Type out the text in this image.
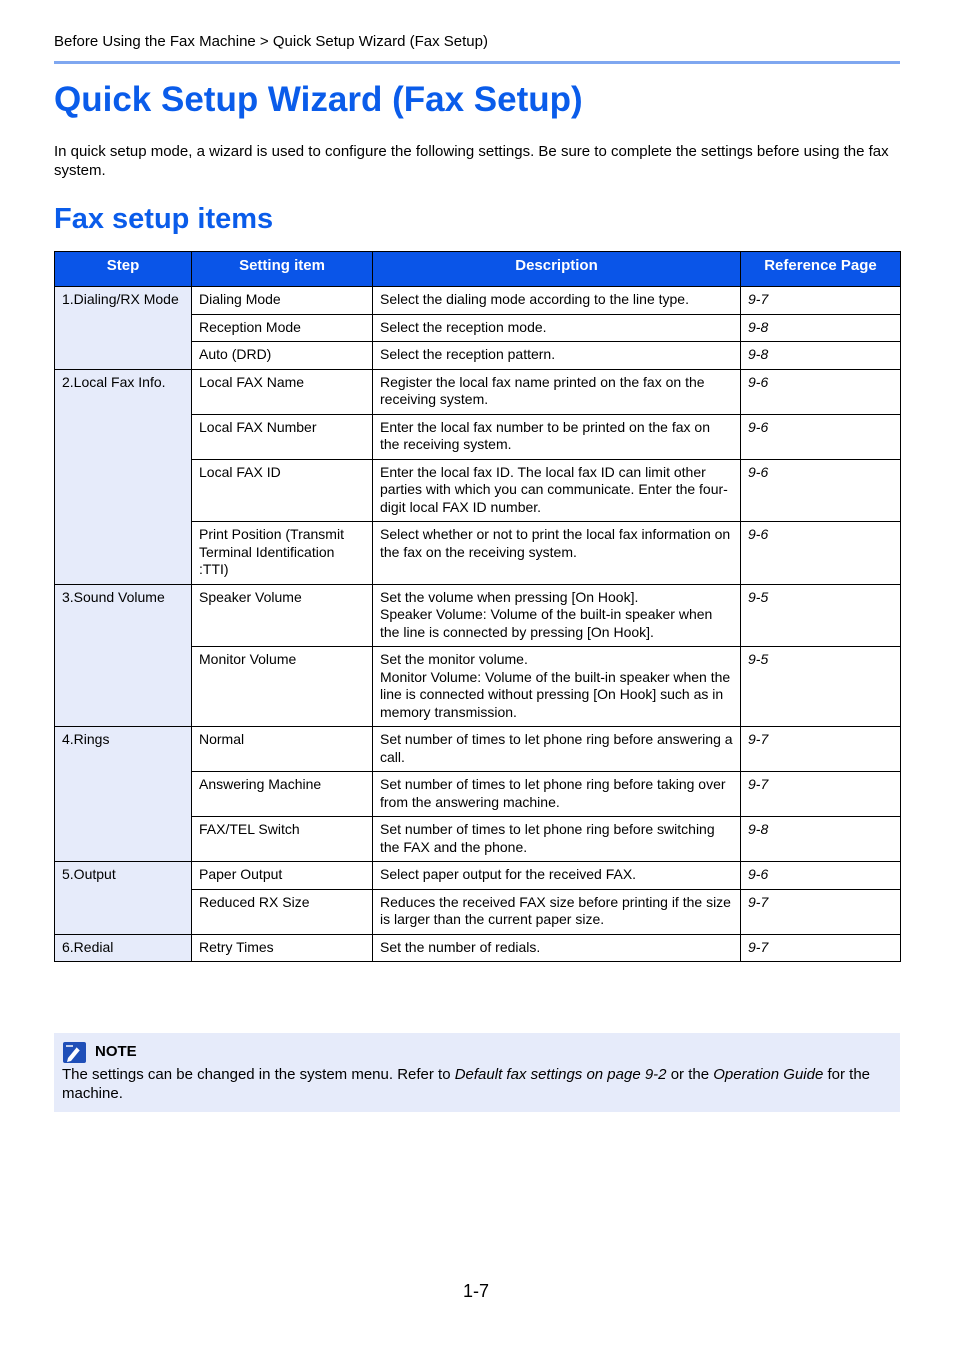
Before Using the Fax Machine > Quick Setup Wizard (Fax Setup)
Quick Setup Wizard (Fax Setup)

In quick setup mode, a wizard is used to configure the following settings. Be sure to complete the settings before using the fax system.

Fax setup items
Step	Setting item	Description	Reference Page
1.Dialing/RX Mode	Dialing Mode	Select the dialing mode according to the line type.	9-7
	Reception Mode	Select the reception mode.	9-8
	Auto (DRD)	Select the reception pattern.	9-8
2.Local Fax Info.	Local FAX Name	Register the local fax name printed on the fax on the receiving system.	9-6
	Local FAX Number	Enter the local fax number to be printed on the fax on the receiving system.	9-6
	Local FAX ID	Enter the local fax ID. The local fax ID can limit other parties with which you can communicate. Enter the four-digit local FAX ID number.	9-6
	Print Position (Transmit Terminal Identification :TTI)	Select whether or not to print the local fax information on the fax on the receiving system.	9-6
3.Sound Volume	Speaker Volume	Set the volume when pressing [On Hook].
Speaker Volume: Volume of the built-in speaker when the line is connected by pressing [On Hook].	9-5
	Monitor Volume	Set the monitor volume.
Monitor Volume: Volume of the built-in speaker when the line is connected without pressing [On Hook] such as in memory transmission.	9-5
4.Rings	Normal	Set number of times to let phone ring before answering a call.	9-7
	Answering Machine	Set number of times to let phone ring before taking over from the answering machine.	9-7
	FAX/TEL Switch	Set number of times to let phone ring before switching the FAX and the phone.	9-8
5.Output	Paper Output	Select paper output for the received FAX.	9-6
	Reduced RX Size	Reduces the received FAX size before printing if the size is larger than the current paper size.	9-7
6.Redial	Retry Times	Set the number of redials.	9-7
NOTE

The settings can be changed in the system menu. Refer to Default fax settings on page 9-2 or the Operation Guide for the machine.

1-7
